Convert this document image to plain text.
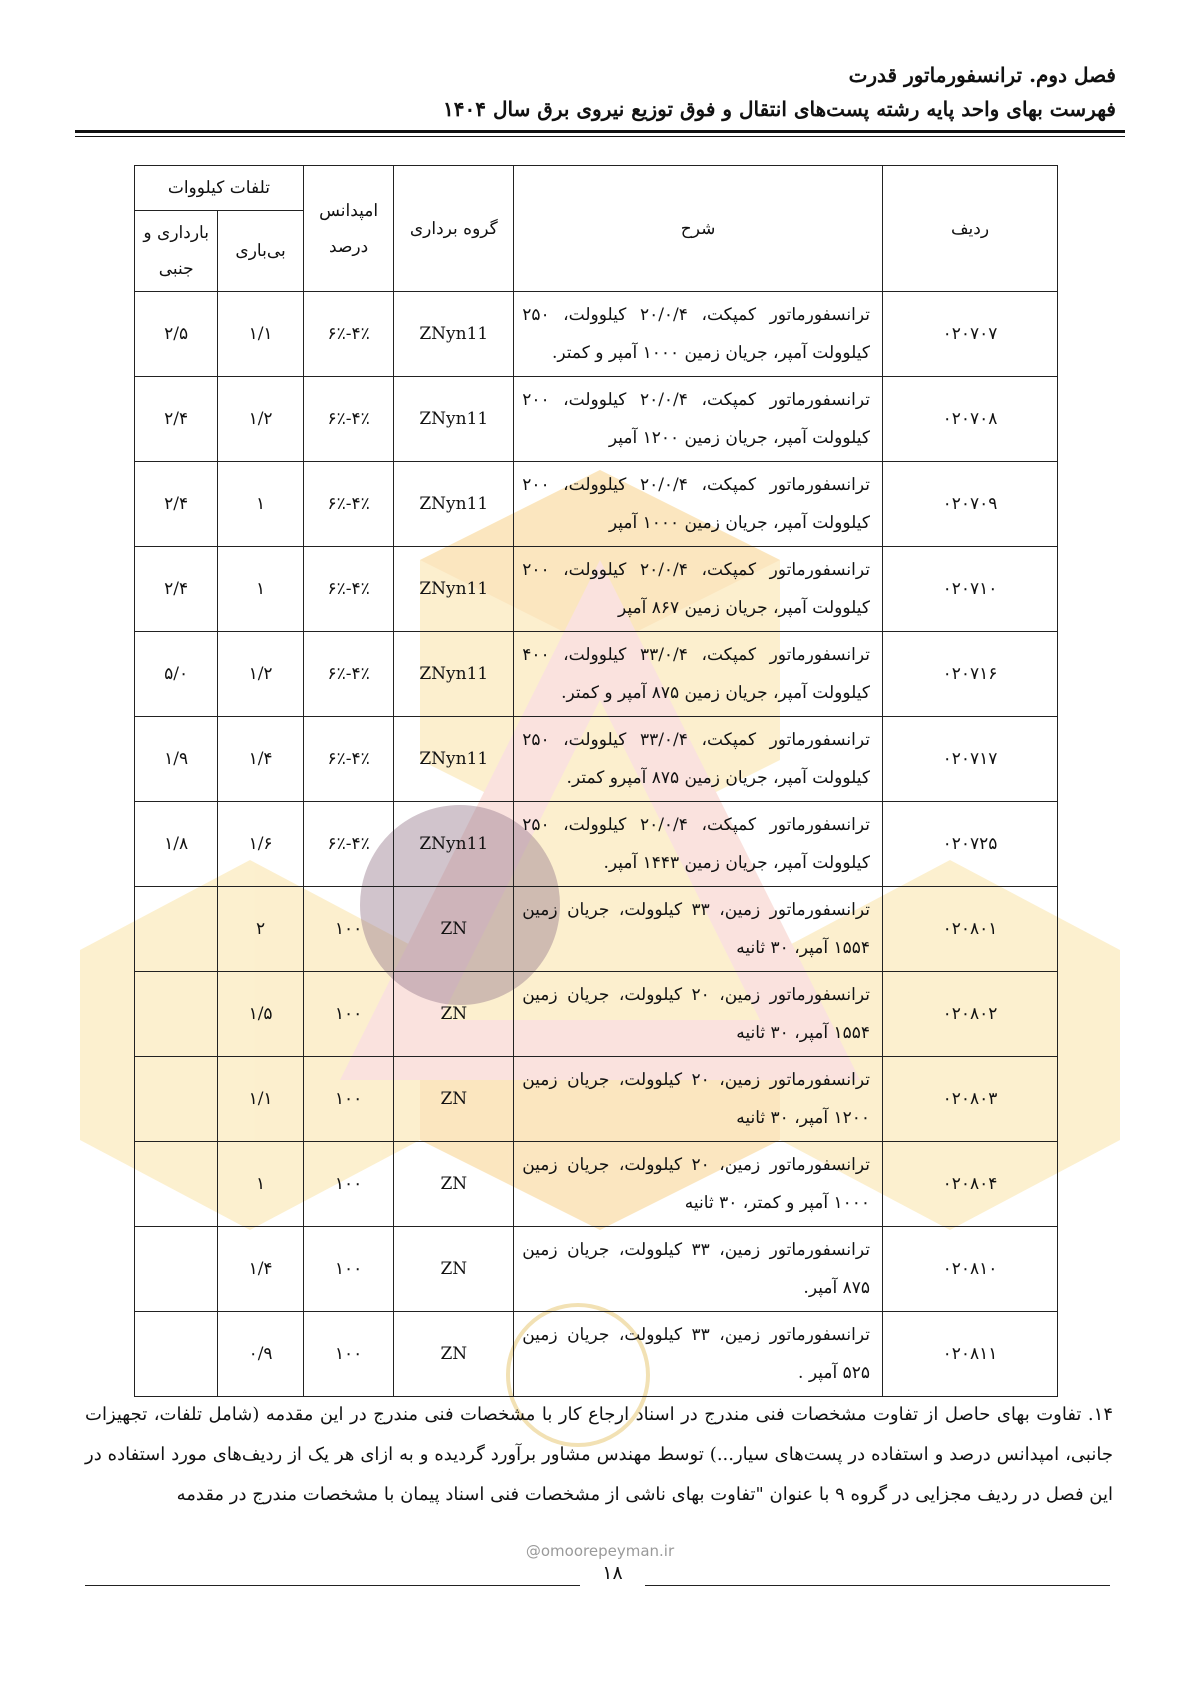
فصل دوم. ترانسفورماتور قدرت
فهرست بهای واحد پایه رشته پست‌های انتقال و فوق توزیع نیروی برق سال ۱۴۰۴
ردیف	شرح	گروه برداری	امپدانس درصد	تلفات کیلووات	
				بی‌باری	بارداری و جنبی
۰۲۰۷۰۷	ترانسفورماتور کمپکت، ۲۰/۰/۴ کیلوولت، ۲۵۰ کیلوولت آمپر، جریان زمین ۱۰۰۰ آمپر و کمتر.	ZNyn11	۴٪-۶٪	۱/۱	۲/۵
۰۲۰۷۰۸	ترانسفورماتور کمپکت، ۲۰/۰/۴ کیلوولت، ۲۰۰ کیلوولت آمپر، جریان زمین ۱۲۰۰ آمپر	ZNyn11	۴٪-۶٪	۱/۲	۲/۴
۰۲۰۷۰۹	ترانسفورماتور کمپکت، ۲۰/۰/۴ کیلوولت، ۲۰۰ کیلوولت آمپر، جریان زمین ۱۰۰۰ آمپر	ZNyn11	۴٪-۶٪	۱	۲/۴
۰۲۰۷۱۰	ترانسفورماتور کمپکت، ۲۰/۰/۴ کیلوولت، ۲۰۰ کیلوولت آمپر، جریان زمین ۸۶۷ آمپر	ZNyn11	۴٪-۶٪	۱	۲/۴
۰۲۰۷۱۶	ترانسفورماتور کمپکت، ۳۳/۰/۴ کیلوولت، ۴۰۰ کیلوولت آمپر، جریان زمین ۸۷۵ آمپر و کمتر.	ZNyn11	۴٪-۶٪	۱/۲	۵/۰
۰۲۰۷۱۷	ترانسفورماتور کمپکت، ۳۳/۰/۴ کیلوولت، ۲۵۰ کیلوولت آمپر، جریان زمین ۸۷۵ آمپرو کمتر.	ZNyn11	۴٪-۶٪	۱/۴	۱/۹
۰۲۰۷۲۵	ترانسفورماتور کمپکت، ۲۰/۰/۴ کیلوولت، ۲۵۰ کیلوولت آمپر، جریان زمین ۱۴۴۳ آمپر.	ZNyn11	۴٪-۶٪	۱/۶	۱/۸
۰۲۰۸۰۱	ترانسفورماتور زمین، ۳۳ کیلوولت، جریان زمین ۱۵۵۴ آمپر، ۳۰ ثانیه	ZN	۱۰۰	۲	
۰۲۰۸۰۲	ترانسفورماتور زمین، ۲۰ کیلوولت، جریان زمین ۱۵۵۴ آمپر، ۳۰ ثانیه	ZN	۱۰۰	۱/۵	
۰۲۰۸۰۳	ترانسفورماتور زمین، ۲۰ کیلوولت، جریان زمین ۱۲۰۰ آمپر، ۳۰ ثانیه	ZN	۱۰۰	۱/۱	
۰۲۰۸۰۴	ترانسفورماتور زمین، ۲۰ کیلوولت، جریان زمین ۱۰۰۰ آمپر و کمتر، ۳۰ ثانیه	ZN	۱۰۰	۱	
۰۲۰۸۱۰	ترانسفورماتور زمین، ۳۳ کیلوولت، جریان زمین ۸۷۵ آمپر.	ZN	۱۰۰	۱/۴	
۰۲۰۸۱۱	ترانسفورماتور زمین، ۳۳ کیلوولت، جریان زمین ۵۲۵ آمپر .	ZN	۱۰۰	۰/۹	
۱۴. تفاوت بهای حاصل از تفاوت مشخصات فنی مندرج در اسناد ارجاع کار با مشخصات فنی مندرج در این مقدمه (شامل تلفات، تجهیزات جانبی، امپدانس درصد و استفاده در پست‌های سیار...) توسط مهندس مشاور برآورد گردیده و به ازای هر یک از ردیف‌های مورد استفاده در این فصل در ردیف مجزایی در گروه ۹ با عنوان "تفاوت بهای ناشی از مشخصات فنی اسناد پیمان با مشخصات مندرج در مقدمه
@omoorepeyman.ir
۱۸
